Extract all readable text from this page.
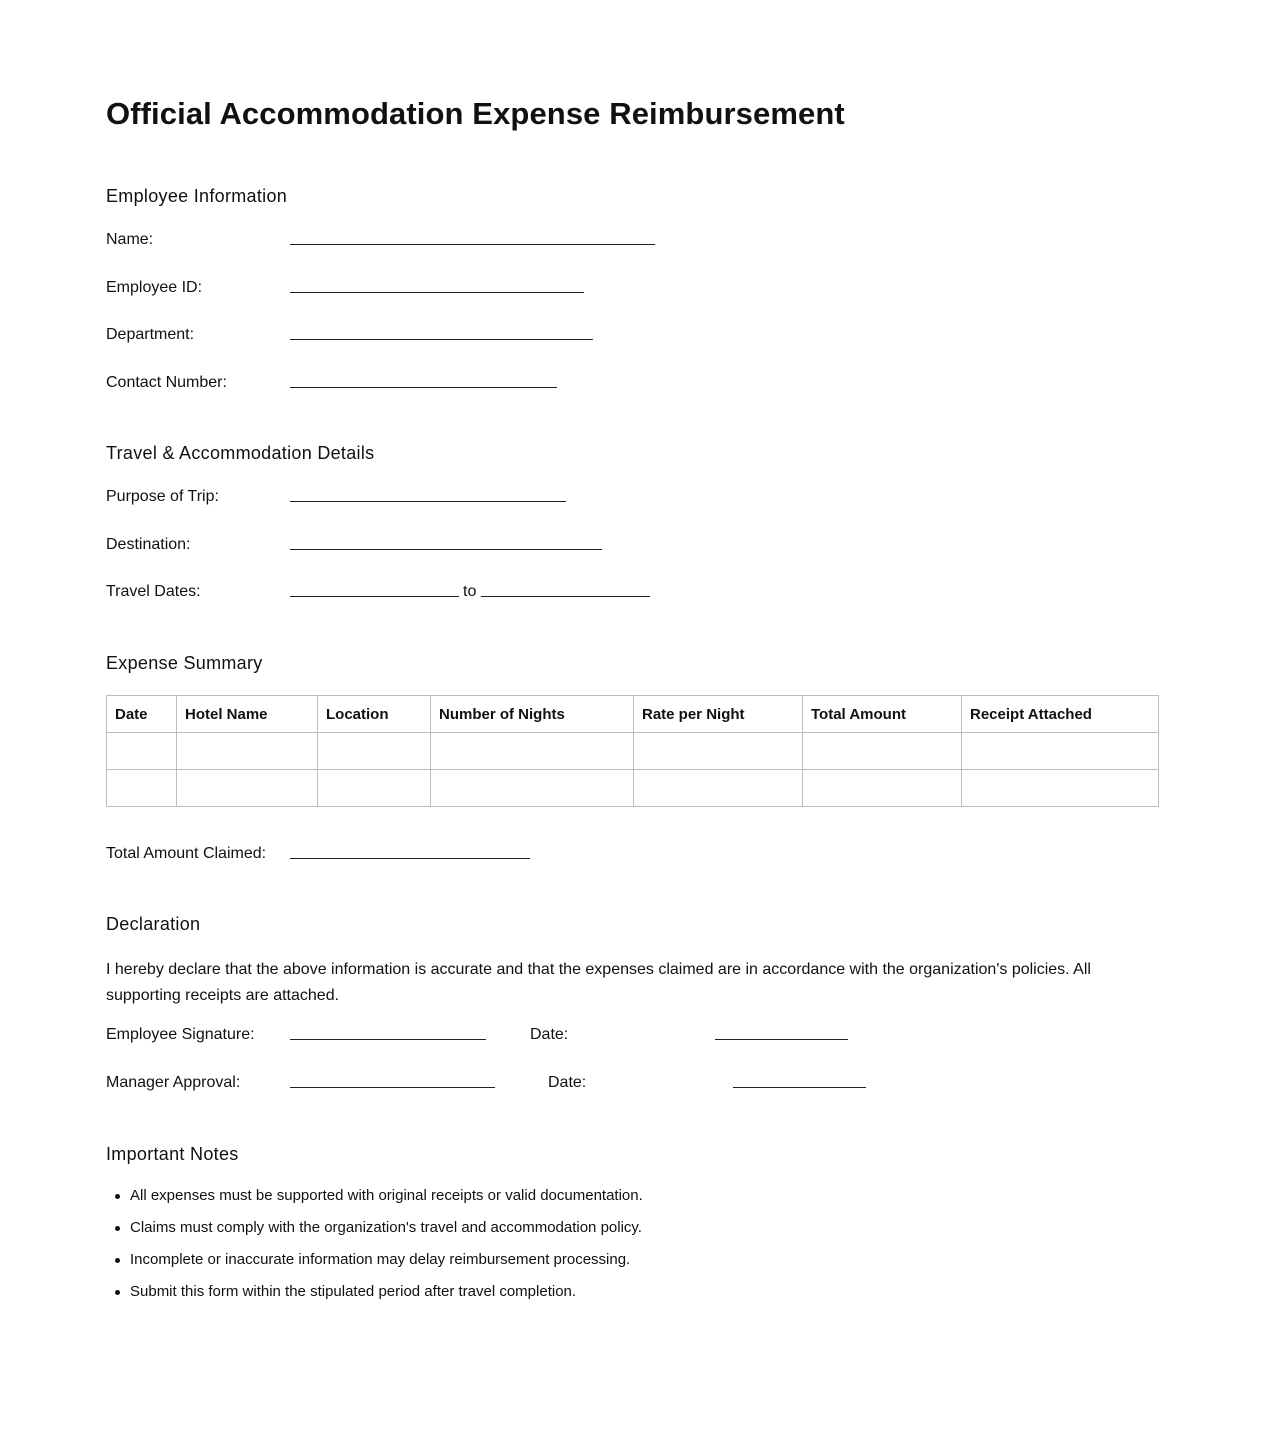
Official Accommodation Expense Reimbursement
Employee Information
Name:
Employee ID:
Department:
Contact Number:
Travel & Accommodation Details
Purpose of Trip:
Destination:
Travel Dates:	to
Expense Summary
Date	Hotel Name	Location	Number of Nights	Rate per Night	Total Amount	Receipt Attached

Total Amount Claimed:
Declaration

I hereby declare that the above information is accurate and that the expenses claimed are in accordance with the organization's policies. All supporting receipts are attached.

Employee Signature:	Date:
Manager Approval:	Date:
Important Notes
All expenses must be supported with original receipts or valid documentation.
Claims must comply with the organization's travel and accommodation policy.
Incomplete or inaccurate information may delay reimbursement processing.
Submit this form within the stipulated period after travel completion.
